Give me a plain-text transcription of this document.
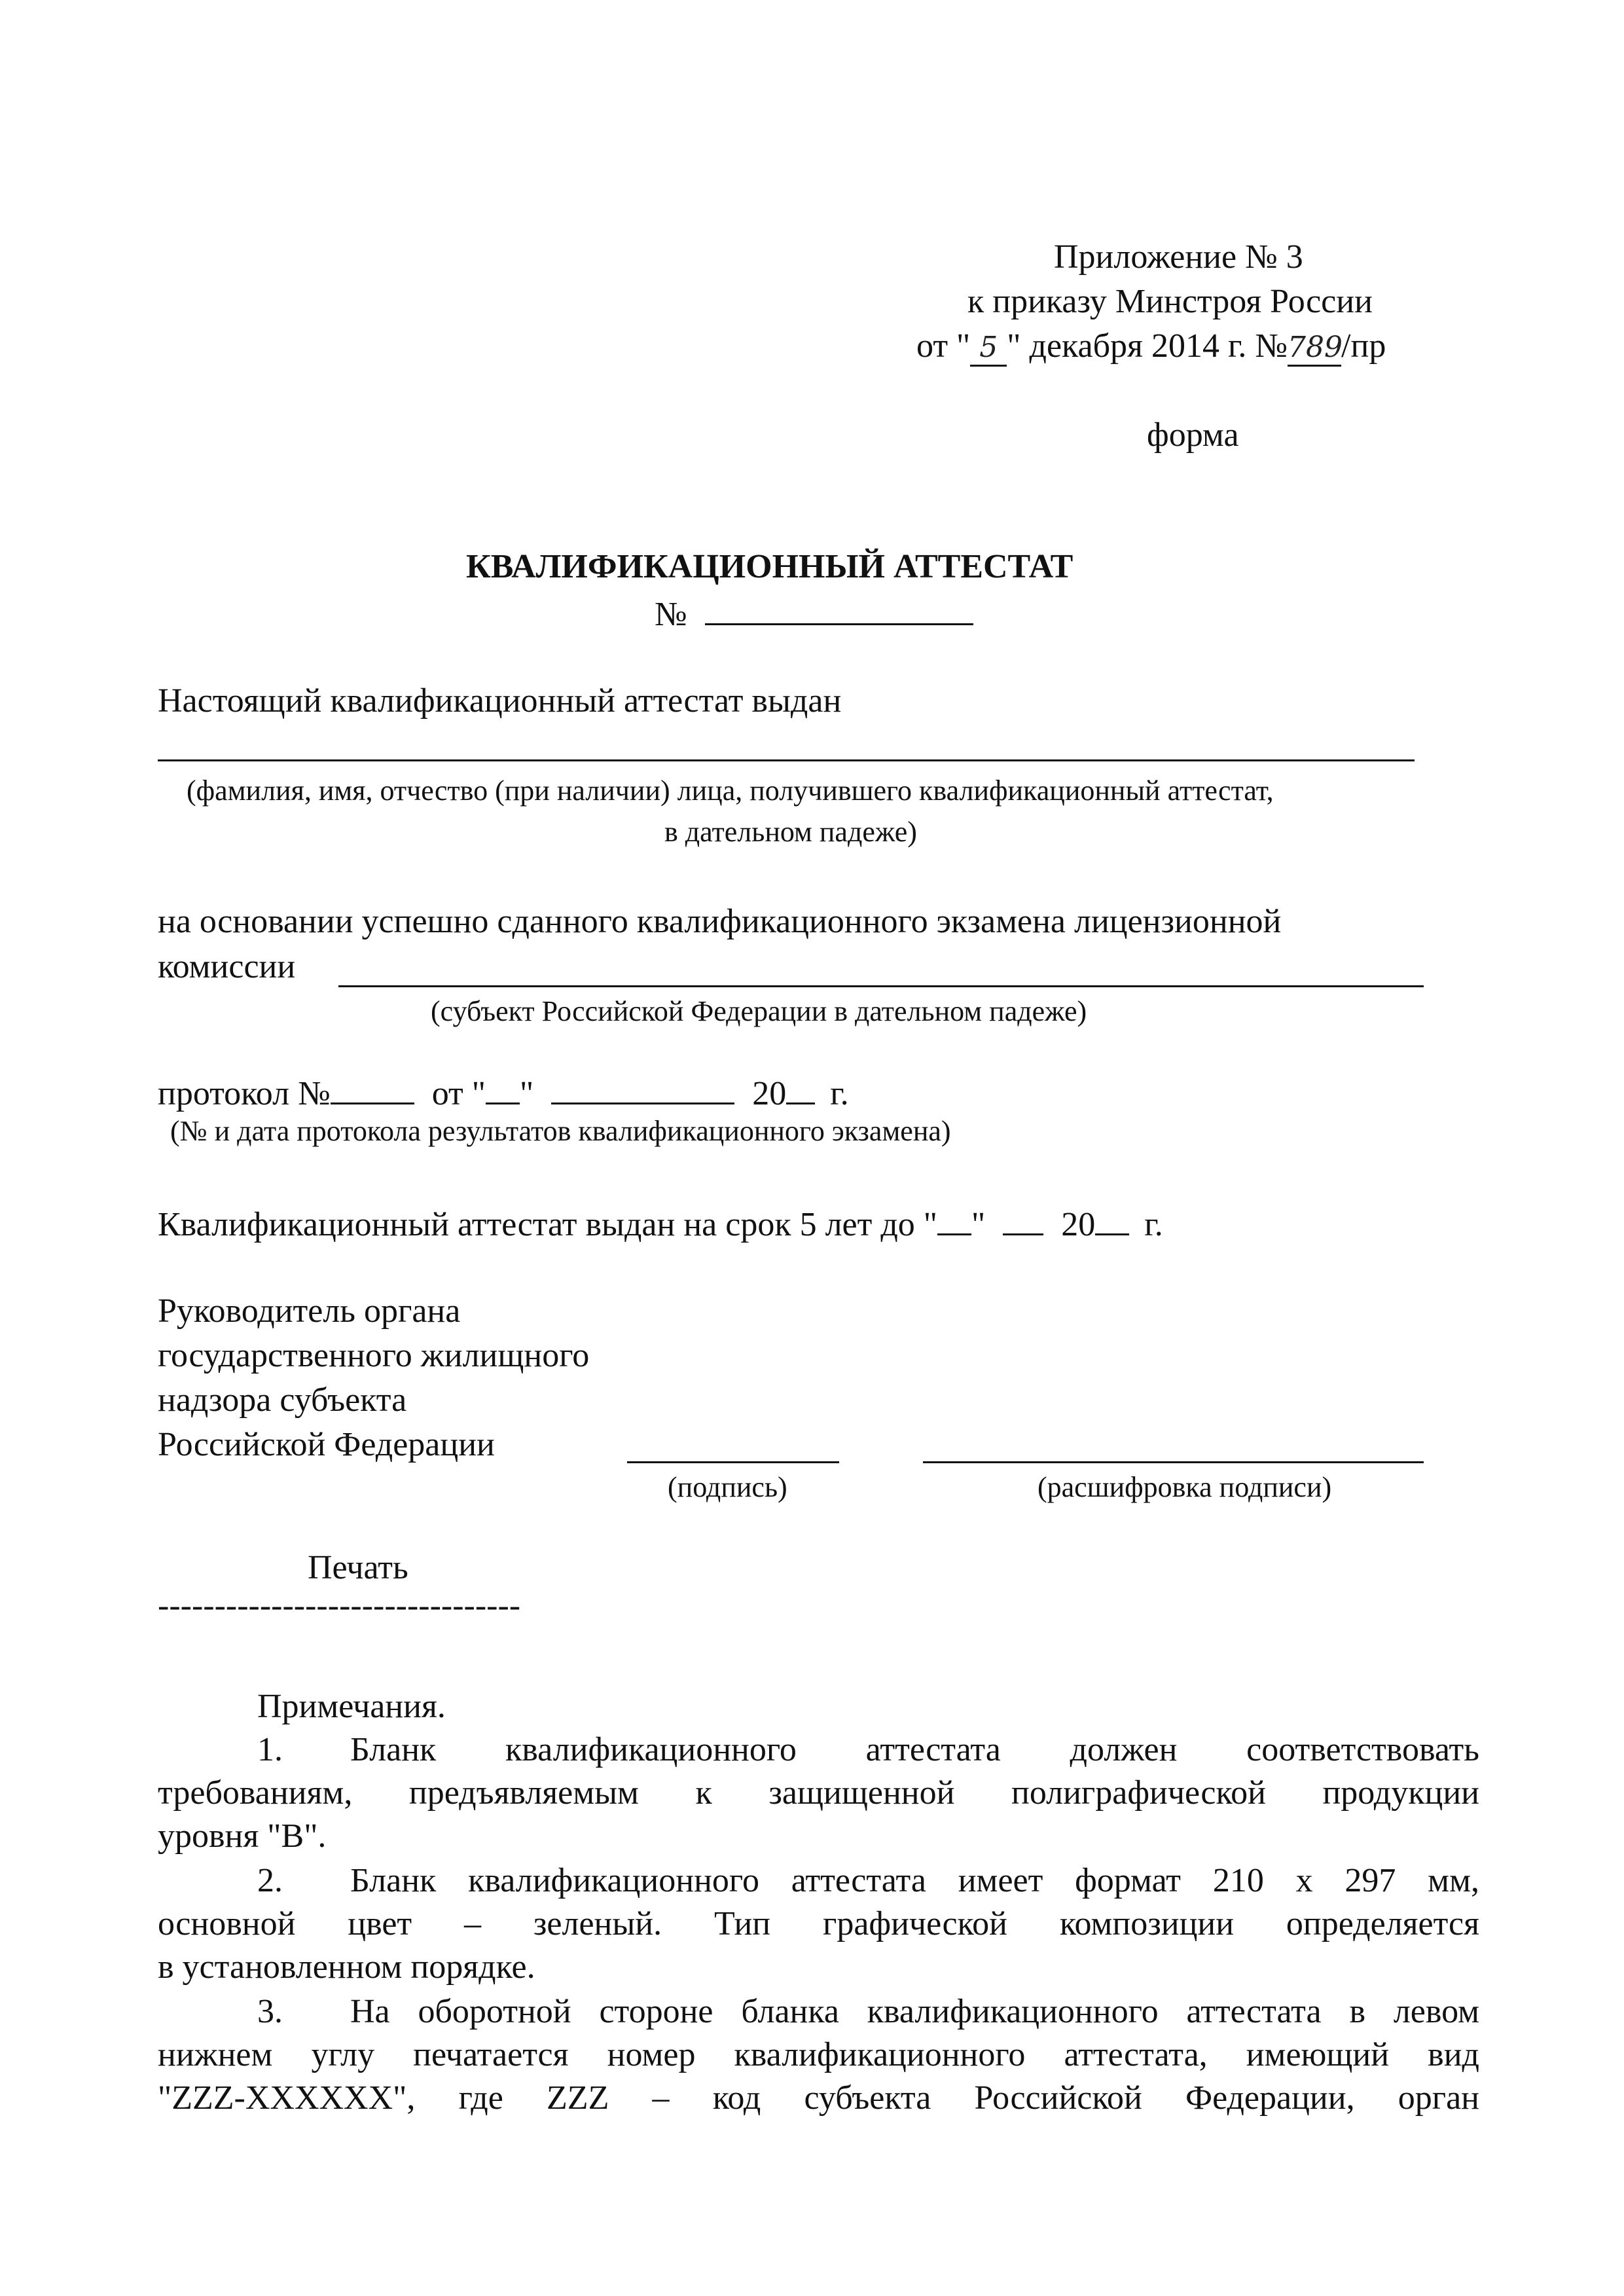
Приложение № 3
к приказу Минстроя России
от " 5 " декабря 2014 г. №789/пр
форма
КВАЛИФИКАЦИОННЫЙ АТТЕСТАТ
№
Настоящий квалификационный аттестат выдан
(фамилия, имя, отчество (при наличии) лица, получившего квалификационный аттестат,
в дательном падеже)
на основании успешно сданного квалификационного экзамена лицензионной
комиссии
(субъект Российской Федерации в дательном падеже)
протокол №	от " "	20 г.
(№ и дата протокола результатов квалификационного экзамена)
Квалификационный аттестат выдан на срок 5 лет до " " 20 г.
Руководитель органа
государственного жилищного
надзора субъекта
Российской Федерации
(подпись)	(расшифровка подписи)
Печать
--------------------------------
Примечания.
1. Бланк квалификационного аттестата должен соответствовать
требованиям, предъявляемым к защищенной полиграфической продукции
уровня "В".
2. Бланк квалификационного аттестата имеет формат 210 x 297 мм,
основной цвет – зеленый. Тип графической композиции определяется
в установленном порядке.
3. На оборотной стороне бланка квалификационного аттестата в левом
нижнем углу печатается номер квалификационного аттестата, имеющий вид
"ZZZ-XXXXXX", где ZZZ – код субъекта Российской Федерации, орган
